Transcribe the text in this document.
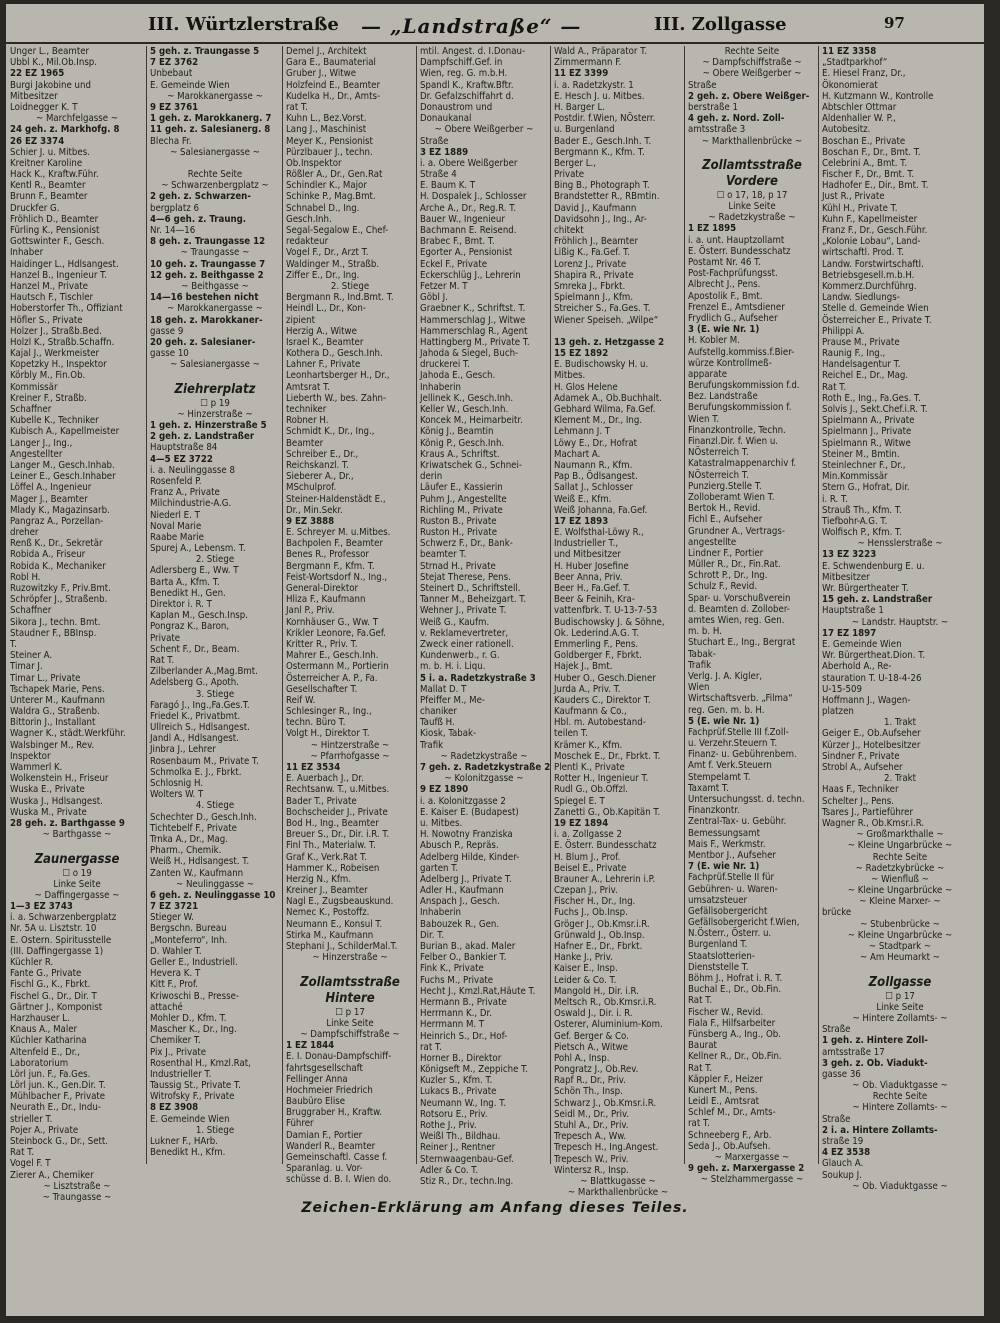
III. Würtzlerstraße — „Landstraße“ —	III. Zollgasse	97
Unger L., Beamter
Ubbl K., Mil.Ob.Insp.
22 EZ 1965
Burgi Jakobine und
Mitbesitzer
Loidnegger K. T
~ Marchfelgasse ~
24 geh. z. Markhofg. 8
26 EZ 3374
Schier J. u. Mitbes.
Kreitner Karoline
Hack K., Kraftw.Führ.
Kentl R., Beamter
Brunn F., Beamter
Druckfer G.
Fröhlich D., Beamter
Fürling K., Pensionist
Gottswinter F., Gesch.
Inhaber
Haidinger L., Hdlsangest.
Hanzel B., Ingenieur T.
Hanzel M., Private
Hautsch F., Tischler
Hoberstorfer Th., Offiziant
Höfler S., Private
Holzer J., Straßb.Bed.
Holzl K., Straßb.Schaffn.
Kajal J., Werkmeister
Kopetzky H., Inspektor
Körbly M., Fin.Ob.
Kommissär
Kreiner F., Straßb.
Schaffner
Kubelle K., Techniker
Kubisch A., Kapellmeister
Langer J., Ing.,
Angestellter
Langer M., Gesch.Inhab.
Leiner E., Gesch.Inhaber
Löffel A., Ingenieur
Mager J., Beamter
Mlady K., Magazinsarb.
Pangraz A., Porzellan-
dreher
Renß K., Dr., Sekretär
Robida A., Friseur
Robida K., Mechaniker
Robl H.
Ruzowitzky F., Priv.Bmt.
Schröpfer J., Straßenb.
Schaffner
Sikora J., techn. Bmt.
Staudner F., BBInsp.
T.
Steiner A.
Timar J.
Timar L., Private
Tschapek Marie, Pens.
Unterer M., Kaufmann
Waldra G., Straßenb.
Bittorin J., Installant
Wagner K., städt.Werkführ.
Walsbinger M., Rev.
Inspektor
Wammerl K.
Wolkenstein H., Friseur
Wuska E., Private
Wuska J., Hdlsangest.
Wuska M., Private
28 geh. z. Barthgasse 9
~ Barthgasse ~
Zaunergasse
☐ o 19
Linke Seite
~ Daffingergasse ~
1—3 EZ 3743
i. a. Schwarzenbergplatz
Nr. 5A u. Lisztstr. 10
E. Ostern. Spiritusstelle
(III. Daffingergasse 1)
Küchler R.
Fante G., Private
Fischl G., K., Fbrkt.
Fischel G., Dr., Dir. T
Gärtner J., Komponist
Harzhauser L.
Knaus A., Maler
Küchler Katharina
Altenfeld E., Dr.,
Laboratorium
Lörl jun. F., Fa.Ges.
Lörl jun. K., Gen.Dir. T.
Mühlbacher F., Private
Neurath E., Dr., Indu-
strieller T.
Pojer A., Private
Steinbock G., Dr., Sett.
Rat T.
Vogel F. T
Zierer A., Chemiker
~ Lisztstraße ~
~ Traungasse ~
5 geh. z. Traungasse 5
7 EZ 3762
Unbebaut
E. Gemeinde Wien
~ Marokkanergasse ~
9 EZ 3761
1 geh. z. Marokkanerg. 7
11 geh. z. Salesianerg. 8
Blecha Fr.
~ Salesianergasse ~
Rechte Seite
~ Schwarzenbergplatz ~
2 geh. z. Schwarzen-
bergplatz 6
4—6 geh. z. Traung.
Nr. 14—16
8 geh. z. Traungasse 12
~ Traungasse ~
10 geh. z. Traungasse 7
12 geh. z. Beithgasse 2
~ Beithgasse ~
14—16 bestehen nicht
~ Marokkanergasse ~
18 geh. z. Marokkaner-
gasse 9
20 geh. z. Salesianer-
gasse 10
~ Salesianergasse ~
Ziehrerplatz
☐ p 19
~ Hinzerstraße ~
1 geh. z. Hinzerstraße 5
2 geh. z. Landstraßer
Hauptstraße 84
4—5 EZ 3722
i. a. Neulinggasse 8
Rosenfeld P.
Franz A., Private
Milchindustrie-A.G.
Niederl E. T
Noval Marie
Raabe Marie
Spurej A., Lebensm. T.
2. Stiege
Adlersberg E., Ww. T
Barta A., Kfm. T.
Benedikt H., Gen.
Direktor i. R. T
Kaplan M., Gesch.Insp.
Pongraz K., Baron,
Private
Schent F., Dr., Beam.
Rat T.
Zilberlander A.,Mag.Bmt.
Adelsberg G., Apoth.
3. Stiege
Faragó J., Ing.,Fa.Ges.T.
Friedel K., Privatbmt.
Ullreich S., Hdlsangest.
Jandl A., Hdlsangest.
Jinbra J., Lehrer
Rosenbaum M., Private T.
Schmolka E. J., Fbrkt.
Schlosnig H.
Wolters W. T
4. Stiege
Schechter D., Gesch.Inh.
Tichtebelf F., Private
Trnka A., Dr., Mag.
Pharm., Chemik.
Weiß H., Hdlsangest. T.
Zanten W., Kaufmann
~ Neulinggasse ~
6 geh. z. Neulinggasse 10
7 EZ 3721
Stieger W.
Bergschn. Bureau
„Monteferro“, Inh.
D. Wahler T.
Geller E., Industriell.
Hevera K. T
Kitt F., Prof.
Kriwoschi B., Presse-
attaché
Mohler D., Kfm. T.
Mascher K., Dr., Ing.
Chemiker T.
Pix J., Private
Rosenthal H., Kmzl.Rat,
Industrieller T.
Taussig St., Private T.
Witrofsky F., Private
8 EZ 3908
E. Gemeinde Wien
1. Stiege
Lukner F., HArb.
Benedikt H., Kfm.
Demel J., Architekt
Gara E., Baumaterial
Gruber J., Witwe
Holzfeind E., Beamter
Kudelka H., Dr., Amts-
rat T.
Kuhn L., Bez.Vorst.
Lang J., Maschinist
Meyer K., Pensionist
Pürzlbauer J., techn.
Ob.Inspektor
Rößler A., Dr., Gen.Rat
Schindler K., Major
Schinke P., Mag.Bmt.
Schnabel D., Ing.
Gesch.Inh.
Segal-Segalow E., Chef-
redakteur
Vogel F., Dr., Arzt T.
Waldinger M., Straßb.
Ziffer E., Dr., Ing.
2. Stiege
Bergmann R., Ind.Bmt. T.
Heindl L., Dr., Kon-
zipient
Herzig A., Witwe
Israel K., Beamter
Kothera D., Gesch.Inh.
Lahner F., Private
Leonhartsberger H., Dr.,
Amtsrat T.
Lieberth W., bes. Zahn-
techniker
Robner H.
Schmidt K., Dr., Ing.,
Beamter
Schreiber E., Dr.,
Reichskanzl. T.
Sieberer A., Dr.,
MSchulprof.
Steiner-Haldenstädt E.,
Dr., Min.Sekr.
9 EZ 3888
E. Schreyer M. u.Mitbes.
Bachpolen F., Beamter
Benes R., Professor
Bergmann F., Kfm. T.
Feist-Wortsdorf N., Ing.,
General-Direktor
Hliza F., Kaufmann
Janl P., Priv.
Kornhäuser G., Ww. T
Krikler Leonore, Fa.Gef.
Kritter R., Priv. T.
Mahrer E., Gesch.Inh.
Ostermann M., Portierin
Österreicher A. P., Fa.
Gesellschafter T.
Reif W.
Schlesinger R., Ing.,
techn. Büro T.
Volgt H., Direktor T.
~ Hintzerstraße ~
~ Pfarrhofgasse ~
11 EZ 3534
E. Auerbach J., Dr.
Rechtsanw. T., u.Mitbes.
Bader T., Private
Bochscheider J., Private
Bod H., Ing., Beamter
Breuer S., Dr., Dir. i.R. T.
Finl Th., Materialw. T.
Graf K., Verk.Rat T.
Hammer K., Robeisen
Herzig N., Kfm.
Kreiner J., Beamter
Nagl E., Zugsbeauskund.
Nemec K., Postoffz.
Neumann E., Konsul T.
Stirka M., Kaufmann
Stephani J., SchilderMal.T.
~ Hinzerstraße ~
Zollamtsstraße
Hintere
☐ p 17
Linke Seite
~ Dampfschiffstraße ~
1 EZ 1844
E. I. Donau-Dampfschiff-
fahrtsgesellschaft
Fellinger Anna
Hochmeier Friedrich
Baubüro Elise
Bruggraber H., Kraftw.
Führer
Damian F., Portier
Wanderl R., Beamter
Gemeinschaftl. Casse f.
Sparanlag. u. Vor-
schüsse d. B. I. Wien do.
mtil. Angest. d. I.Donau-
Dampfschiff.Gef. in
Wien, reg. G. m.b.H.
Spandl K., Kraftw.Bftr.
Dr. Gefalzschiffahrt d.
Donaustrom und
Donaukanal
~ Obere Weißgerber ~
Straße
3 EZ 1889
i. a. Obere Weißgerber
Straße 4
E. Baum K. T
H. Dospalek J., Schlosser
Arche A., Dr., Reg.R. T.
Bauer W., Ingenieur
Bachmann E. Reisend.
Brabec F., Bmt. T.
Egorter A., Pensionist
Eckel F., Private
Eckerschlüg J., Lehrerin
Fetzer M. T
Göbl J.
Graebner K., Schriftst. T.
Hammerschlag J., Witwe
Hammerschlag R., Agent
Hattingberg M., Private T.
Jahoda & Siegel, Buch-
druckerei T.
Jahoda E., Gesch.
Inhaberin
Jellinek K., Gesch.Inh.
Keller W., Gesch.Inh.
Koncek M., Heimarbeitr.
König J., Beamtin
König P., Gesch.Inh.
Kraus A., Schriftst.
Kriwatschek G., Schnei-
derin
Läufer E., Kassierin
Puhm J., Angestellte
Richling M., Private
Ruston B., Private
Ruston H., Private
Schwerz F., Dr., Bank-
beamter T.
Strnad H., Private
Stejat Therese, Pens.
Steinert D., Schriftstell.
Tanner M., Beheizgart. T.
Wehner J., Private T.
Weiß G., Kaufm.
v. Reklamevertreter,
Zweck einer rationell.
Kundenwerb., r. G.
m. b. H. i. Liqu.
5 i. a. Radetzkystraße 3
Mallat D. T
Pfeiffer M., Me-
chaniker
Taufß H.
Kiosk, Tabak-
Trafik
~ Radetzkystraße ~
7 geh. z. Radetzkystraße 2
~ Kolonitzgasse ~
9 EZ 1890
i. a. Kolonitzgasse 2
E. Kaiser E. (Budapest)
u. Mitbes.
H. Nowotny Franziska
Abusch P., Repräs.
Adelberg Hilde, Kinder-
garten T.
Adelberg J., Private T.
Adler H., Kaufmann
Anspach J., Gesch.
Inhaberin
Babouzek R., Gen.
Dir. T.
Burian B., akad. Maler
Felber O., Bankier T.
Fink K., Private
Fuchs M., Private
Hecht J., Kmzl.Rat,Häute T.
Hermann B., Private
Herrmann K., Dr.
Herrmann M. T
Heinrich S., Dr., Hof-
rat T.
Horner B., Direktor
Königseft M., Zeppiche T.
Kuzler S., Kfm. T.
Lukacs B., Private
Neumann W., Ing. T.
Rotsoru E., Priv.
Rothe J., Priv.
Weißl Th., Bildhau.
Reiner J., Rentner
Sternwaagenbau-Gef.
Adler & Co. T.
Stiz R., Dr., techn.Ing.
Wald A., Präparator T.
Zimmermann F.
11 EZ 3399
i. a. Radetzkystr. 1
E. Hesch J. u. Mitbes.
H. Barger L.
Postdir. f.Wien, NÖsterr.
u. Burgenland
Bader E., Gesch.Inh. T.
Bergmann K., Kfm. T.
Berger L.,
Private
Bing B., Photograph T.
Brandstetter R., RBmtin.
David J., Kaufmann
Davidsohn J., Ing., Ar-
chitekt
Fröhlich J., Beamter
Lißig K., Fa.Gef. T.
Lorenz J., Private
Shapira R., Private
Smreka J., Fbrkt.
Spielmann J., Kfm.
Streicher S., Fa.Ges. T.
Wiener Speiseh. „Wilpe“
13 geh. z. Hetzgasse 2
15 EZ 1892
E. Budischowsky H. u.
Mitbes.
H. Glos Helene
Adamek A., Ob.Buchhalt.
Gebhard Wilma, Fa.Gef.
Klement M., Dr., Ing.
Lehmann J. T
Löwy E., Dr., Hofrat
Machart A.
Naumann R., Kfm.
Pap B., Ödlsangest.
Sallat J., Schlosser
Weiß E., Kfm.
Weiß Johanna, Fa.Gef.
17 EZ 1893
E. Wolfsthal-Löwy R.,
Industrieller T.,
und Mitbesitzer
H. Huber Josefine
Beer Anna, Priv.
Beer H., Fa.Gef. T.
Beer & Feinih, Kra-
vattenfbrk. T. U-13-7-53
Budischowsky J. & Söhne,
Ok. Lederind.A.G. T.
Emmerling F., Pens.
Goldberger F., Fbrkt.
Hajek J., Bmt.
Huber O., Gesch.Diener
Jurda A., Priv. T.
Kauders C., Direktor T.
Kaufmann & Co.,
Hbl. m. Autobestand-
teilen T.
Krämer K., Kfm.
Moschek E., Dr., Fbrkt. T.
Plentl K., Private
Rotter H., Ingenieur T.
Rudl G., Ob.Offzl.
Spiegel E. T
Zanetti G., Ob.Kapitän T.
19 EZ 1894
i. a. Zollgasse 2
E. Österr. Bundesschatz
H. Blum J., Prof.
Beisel E., Private
Brauner A., Lehrerin i.P.
Czepan J., Priv.
Fischer H., Dr., Ing.
Fuchs J., Ob.Insp.
Gröger J., Ob.Kmsr.i.R.
Grünwald J., Ob.Insp.
Hafner E., Dr., Fbrkt.
Hanke J., Priv.
Kaiser E., Insp.
Leider & Co. T.
Mangold H., Dir. i.R.
Meltsch R., Ob.Kmsr.i.R.
Oswald J., Dir. i. R.
Osterer, Aluminium-Kom.
Gef. Berger & Co.
Pietsch A., Witwe
Pohl A., Insp.
Pongratz J., Ob.Rev.
Rapf R., Dr., Priv.
Schön Th., Insp.
Schwarz J., Ob.Kmsr.i.R.
Seidl M., Dr., Priv.
Stuhl A., Dr., Priv.
Trepesch A., Ww.
Trepesch H., Ing.Angest.
Trepesch W., Priv.
Wintersz R., Insp.
~ Blattkugasse ~
~ Markthallenbrücke ~
Rechte Seite
~ Dampfschiffstraße ~
~ Obere Weißgerber ~
Straße
2 geh. z. Obere Weißger-
berstraße 1
4 geh. z. Nord. Zoll-
amtsstraße 3
~ Markthallenbrücke ~
Zollamtsstraße
Vordere
☐ o 17, 18, p 17
Linke Seite
~ Radetzkystraße ~
1 EZ 1895
i. a. unt. Hauptzollamt
E. Österr. Bundesschatz
Postamt Nr. 46 T.
Post-Fachprüfungsst.
Albrecht J., Pens.
Apostolik F., Bmt.
Frenzel E., Amtsdiener
Frydlich G., Aufseher
3 (E. wie Nr. 1)
H. Kobler M.
Aufstellg.kommiss.f.Bier-
würze Kontrollmeß-
apparate
Berufungskommission f.d.
Bez. Landstraße
Berufungskommission f.
Wien T.
Finanzkontrolle, Techn.
Finanzl.Dir. f. Wien u.
NÖsterreich T.
Katastralmappenarchiv f.
NÖsterreich T.
Punzierg.Stelle T.
Zolloberamt Wien T.
Bertok H., Revid.
Fichl E., Aufseher
Grundner A., Vertrags-
angestellte
Lindner F., Portier
Müller R., Dr., Fin.Rat.
Schrott P., Dr., Ing.
Schulz F., Revid.
Spar- u. Vorschußverein
d. Beamten d. Zollober-
amtes Wien, reg. Gen.
m. b. H.
Stuchart E., Ing., Bergrat
Tabak-
Trafik
Verlg. J. A. Kigler,
Wien
Wirtschaftsverb. „Filma“
reg. Gen. m. b. H.
5 (E. wie Nr. 1)
Fachprüf.Stelle III f.Zoll-
u. Verzehr.Steuern T.
Finanz- u. Gebührenbem.
Amt f. Verk.Steuern
Stempelamt T.
Taxamt T.
Untersuchungsst. d. techn.
Finanzkontr.
Zentral-Tax- u. Gebühr.
Bemessungsamt
Mais F., Werkmstr.
Mentbor J., Aufseher
7 (E. wie Nr. 1)
Fachprüf.Stelle II für
Gebühren- u. Waren-
umsatzsteuer
Gefällsobergericht
Gefällsobergericht f.Wien,
N.Österr., Österr. u.
Burgenland T.
Staatslotterien-
Dienststelle T.
Böhm J., Hofrat i. R. T.
Buchal E., Dr., Ob.Fin.
Rat T.
Fischer W., Revid.
Fiala F., Hilfsarbeiter
Fünsberg A., Ing., Ob.
Baurat
Kellner R., Dr., Ob.Fin.
Rat T.
Käppler F., Heizer
Kunert M., Pens.
Leidl E., Amtsrat
Schlef M., Dr., Amts-
rat T.
Schneeberg F., Arb.
Seda J., Ob.Aufseh.
~ Marxergasse ~
9 geh. z. Marxergasse 2
~ Stelzhammergasse ~
11 EZ 3358
„Stadtparkhof“
E. Hiesel Franz, Dr.,
Ökonomierat
H. Kutzmann W., Kontrolle
Abtschler Ottmar
Aldenhaller W. P.,
Autobesitz.
Boschan E., Private
Boschan F., Dr., Bmt. T.
Celebrini A., Bmt. T.
Fischer F., Dr., Bmt. T.
Hadhofer E., Dir., Bmt. T.
Just R., Private
Kühl H., Private T.
Kuhn F., Kapellmeister
Franz F., Dr., Gesch.Führ.
„Kolonie Lobau“, Land-
wirtschaftl. Prod. T.
Landw. Forstwirtschaftl.
Betriebsgesell.m.b.H.
Kommerz.Durchführg.
Landw. Siedlungs-
Stelle d. Gemeinde Wien
Österreicher E., Private T.
Philippi A.
Prause M., Private
Raunig F., Ing.,
Handelsagentur T.
Reichel E., Dr., Mag.
Rat T.
Roth E., Ing., Fa.Ges. T.
Solvis J., Sekt.Chef.i.R. T.
Spielmann A., Private
Spielmann J., Private
Spielmann R., Witwe
Steiner M., Bmtin.
Steinlechner F., Dr.,
Min.Kommissär
Stern G., Hofrat, Dir.
i. R. T.
Strauß Th., Kfm. T.
Tiefbohr-A.G. T.
Wolfisch P., Kfm. T.
~ Hensslerstraße ~
13 EZ 3223
E. Schwendenburg E. u.
Mitbesitzer
Wr. Bürgertheater T.
15 geh. z. Landstraßer
Hauptstraße 1
~ Landstr. Hauptstr. ~
17 EZ 1897
E. Gemeinde Wien
Wr. Bürgertheat.Dion. T.
Aberhold A., Re-
stauration T. U-18-4-26
U-15-509
Hoffmann J., Wagen-
platzen
1. Trakt
Geiger E., Ob.Aufseher
Kürzer J., Hotelbesitzer
Sindner F., Private
Strobl A., Aufseher
2. Trakt
Haas F., Techniker
Schelter J., Pens.
Tsares J., Partieführer
Wagner R., Ob.Kmsr.i.R.
~ Großmarkthalle ~
~ Kleine Ungarbrücke ~
Rechte Seite
~ Radetzkybrücke ~
~ Wienfluß ~
~ Kleine Ungarbrücke ~
~ Kleine Marxer- ~
brücke
~ Stubenbrücke ~
~ Kleine Ungarbrücke ~
~ Stadtpark ~
~ Am Heumarkt ~
Zollgasse
☐ p 17
Linke Seite
~ Hintere Zollamts- ~
Straße
1 geh. z. Hintere Zoll-
amtsstraße 17
3 geh. z. Ob. Viadukt-
gasse 36
~ Ob. Viaduktgasse ~
Rechte Seite
~ Hintere Zollamts- ~
Straße
2 i. a. Hintere Zollamts-
straße 19
4 EZ 3538
Glauch A.
Soukup J.
~ Ob. Viaduktgasse ~
Zeichen-Erklärung am Anfang dieses Teiles.
